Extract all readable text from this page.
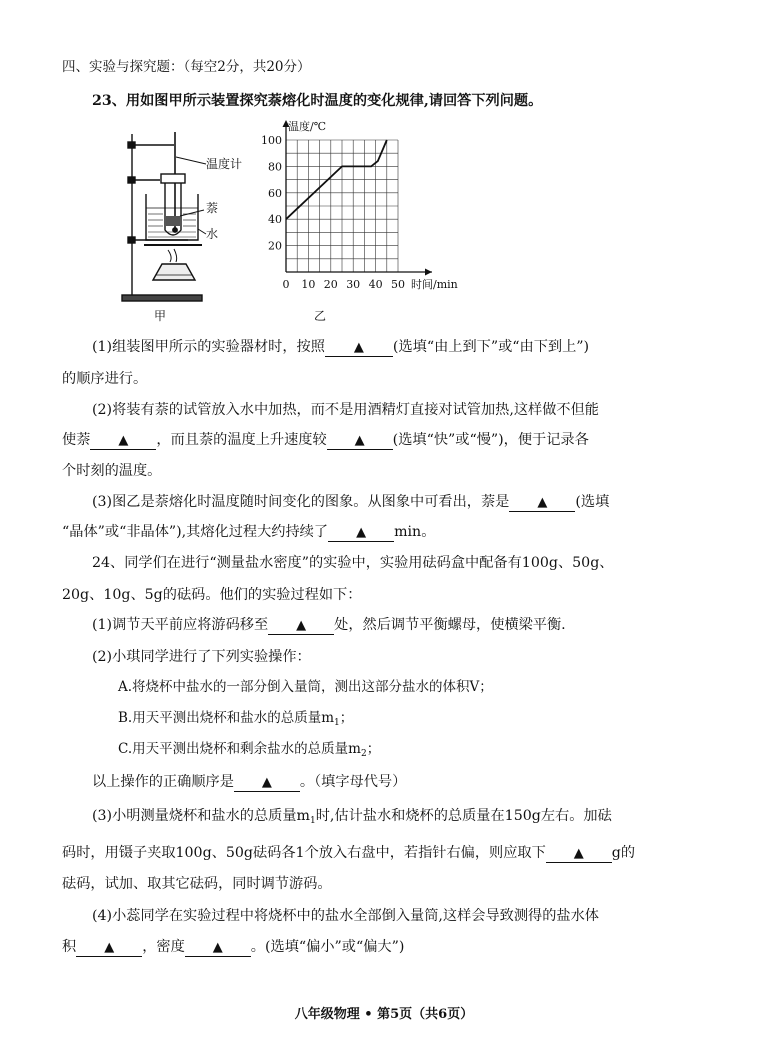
四、实验与探究题：（每空2分，共20分）
23、用如图甲所示装置探究萘熔化时温度的变化规律,请回答下列问题。
温度计
萘
水
甲
20
40
60
80
100
0 10 20 30 40 50
温度/℃
时间/min
乙
(1)组装图甲所示的实验器材时，按照 ▲ (选填“由上到下”或“由下到上”)
的顺序进行。
(2)将装有萘的试管放入水中加热，而不是用酒精灯直接对试管加热,这样做不但能
使萘 ▲ ，而且萘的温度上升速度较 ▲ (选填“快”或“慢”)，便于记录各
个时刻的温度。
(3)图乙是萘熔化时温度随时间变化的图象。从图象中可看出，萘是 ▲ (选填
“晶体”或“非晶体”),其熔化过程大约持续了 ▲ min。
24、同学们在进行“测量盐水密度”的实验中，实验用砝码盒中配备有100g、50g、
20g、10g、5g的砝码。他们的实验过程如下：
(1)调节天平前应将游码移至 ▲ 处，然后调节平衡螺母，使横梁平衡.
(2)小琪同学进行了下列实验操作：
A.将烧杯中盐水的一部分倒入量筒，测出这部分盐水的体积V；
B.用天平测出烧杯和盐水的总质量$m_1$；
C.用天平测出烧杯和剩余盐水的总质量$m_2$；
以上操作的正确顺序是 ▲ 。（填字母代号）
(3)小明测量烧杯和盐水的总质量$m_1$时,估计盐水和烧杯的总质量在150g左右。加砝
码时，用镊子夹取100g、50g砝码各1个放入右盘中，若指针右偏，则应取下 ▲ g的
砝码，试加、取其它砝码，同时调节游码。
(4)小蕊同学在实验过程中将烧杯中的盐水全部倒入量筒,这样会导致测得的盐水体
积 ▲ ，密度 ▲ 。(选填“偏小”或“偏大”)
八年级物理 • 第5页（共6页）
